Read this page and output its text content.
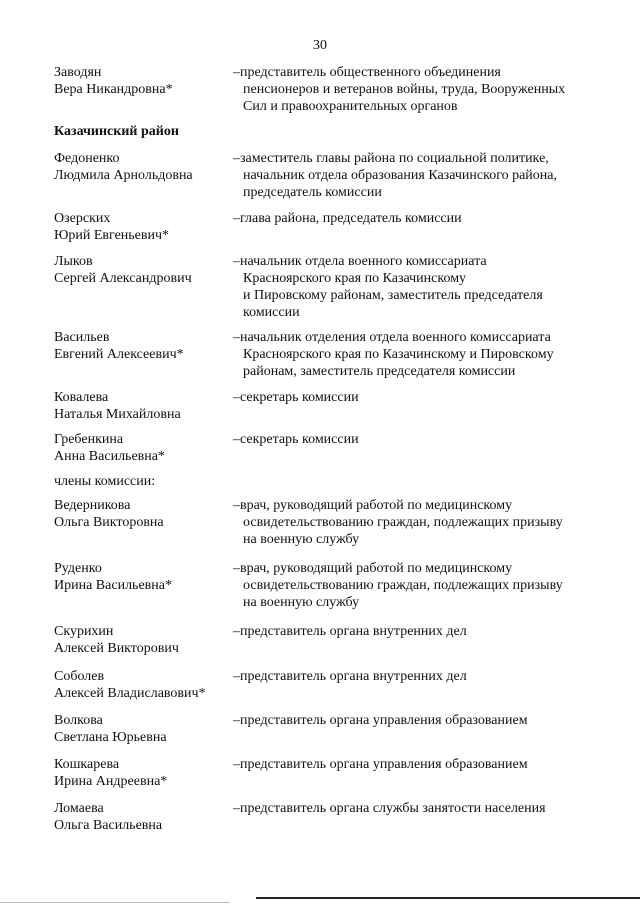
30
Заводян
Вера Никандровна*
–представитель общественного объединения
пенсионеров и ветеранов войны, труда, Вооруженных
Сил и правоохранительных органов
Казачинский район
Федоненко
Людмила Арнольдовна
–заместитель главы района по социальной политике,
начальник отдела образования Казачинского района,
председатель комиссии
Озерских
Юрий Евгеньевич*
–глава района, председатель комиссии
Лыков
Сергей Александрович
–начальник отдела военного комиссариата
Красноярского края по Казачинскому
и Пировскому районам, заместитель председателя
комиссии
Васильев
Евгений Алексеевич*
–начальник отделения отдела военного комиссариата
Красноярского края по Казачинскому и Пировскому
районам, заместитель председателя комиссии
Ковалева
Наталья Михайловна
–секретарь комиссии
Гребенкина
Анна Васильевна*
–секретарь комиссии
члены комиссии:
Ведерникова
Ольга Викторовна
–врач, руководящий работой по медицинскому
освидетельствованию граждан, подлежащих призыву
на военную службу
Руденко
Ирина Васильевна*
–врач, руководящий работой по медицинскому
освидетельствованию граждан, подлежащих призыву
на военную службу
Скурихин
Алексей Викторович
–представитель органа внутренних дел
Соболев
Алексей Владиславович*
–представитель органа внутренних дел
Волкова
Светлана Юрьевна
–представитель органа управления образованием
Кошкарева
Ирина Андреевна*
–представитель органа управления образованием
Ломаева
Ольга Васильевна
–представитель органа службы занятости населения
